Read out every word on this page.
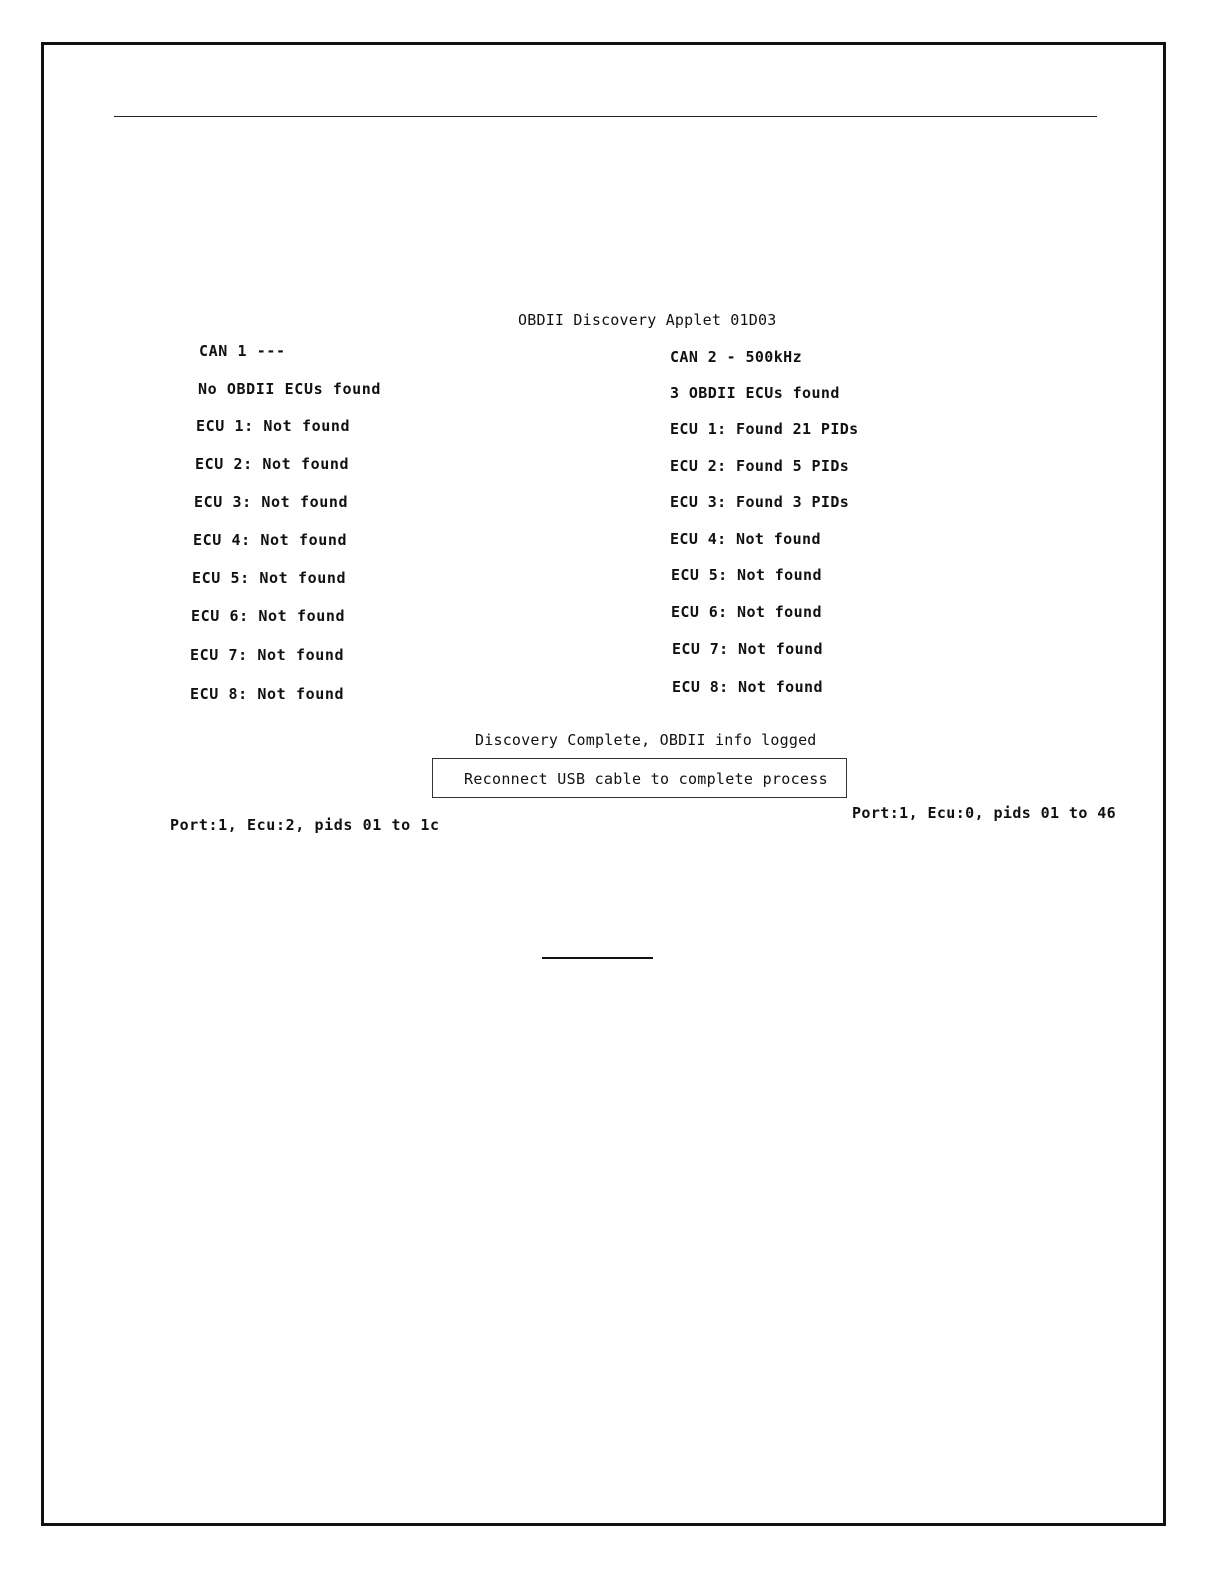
OBDII Discovery Applet 01D03
CAN 1 ---
No OBDII ECUs found
ECU 1: Not found
ECU 2: Not found
ECU 3: Not found
ECU 4: Not found
ECU 5: Not found
ECU 6: Not found
ECU 7: Not found
ECU 8: Not found
CAN 2 - 500kHz
3 OBDII ECUs found
ECU 1: Found 21 PIDs
ECU 2: Found 5 PIDs
ECU 3: Found 3 PIDs
ECU 4: Not found
ECU 5: Not found
ECU 6: Not found
ECU 7: Not found
ECU 8: Not found
Discovery Complete, OBDII info logged
Reconnect USB cable to complete process
Port:1, Ecu:2, pids 01 to 1c
Port:1, Ecu:0, pids 01 to 46
